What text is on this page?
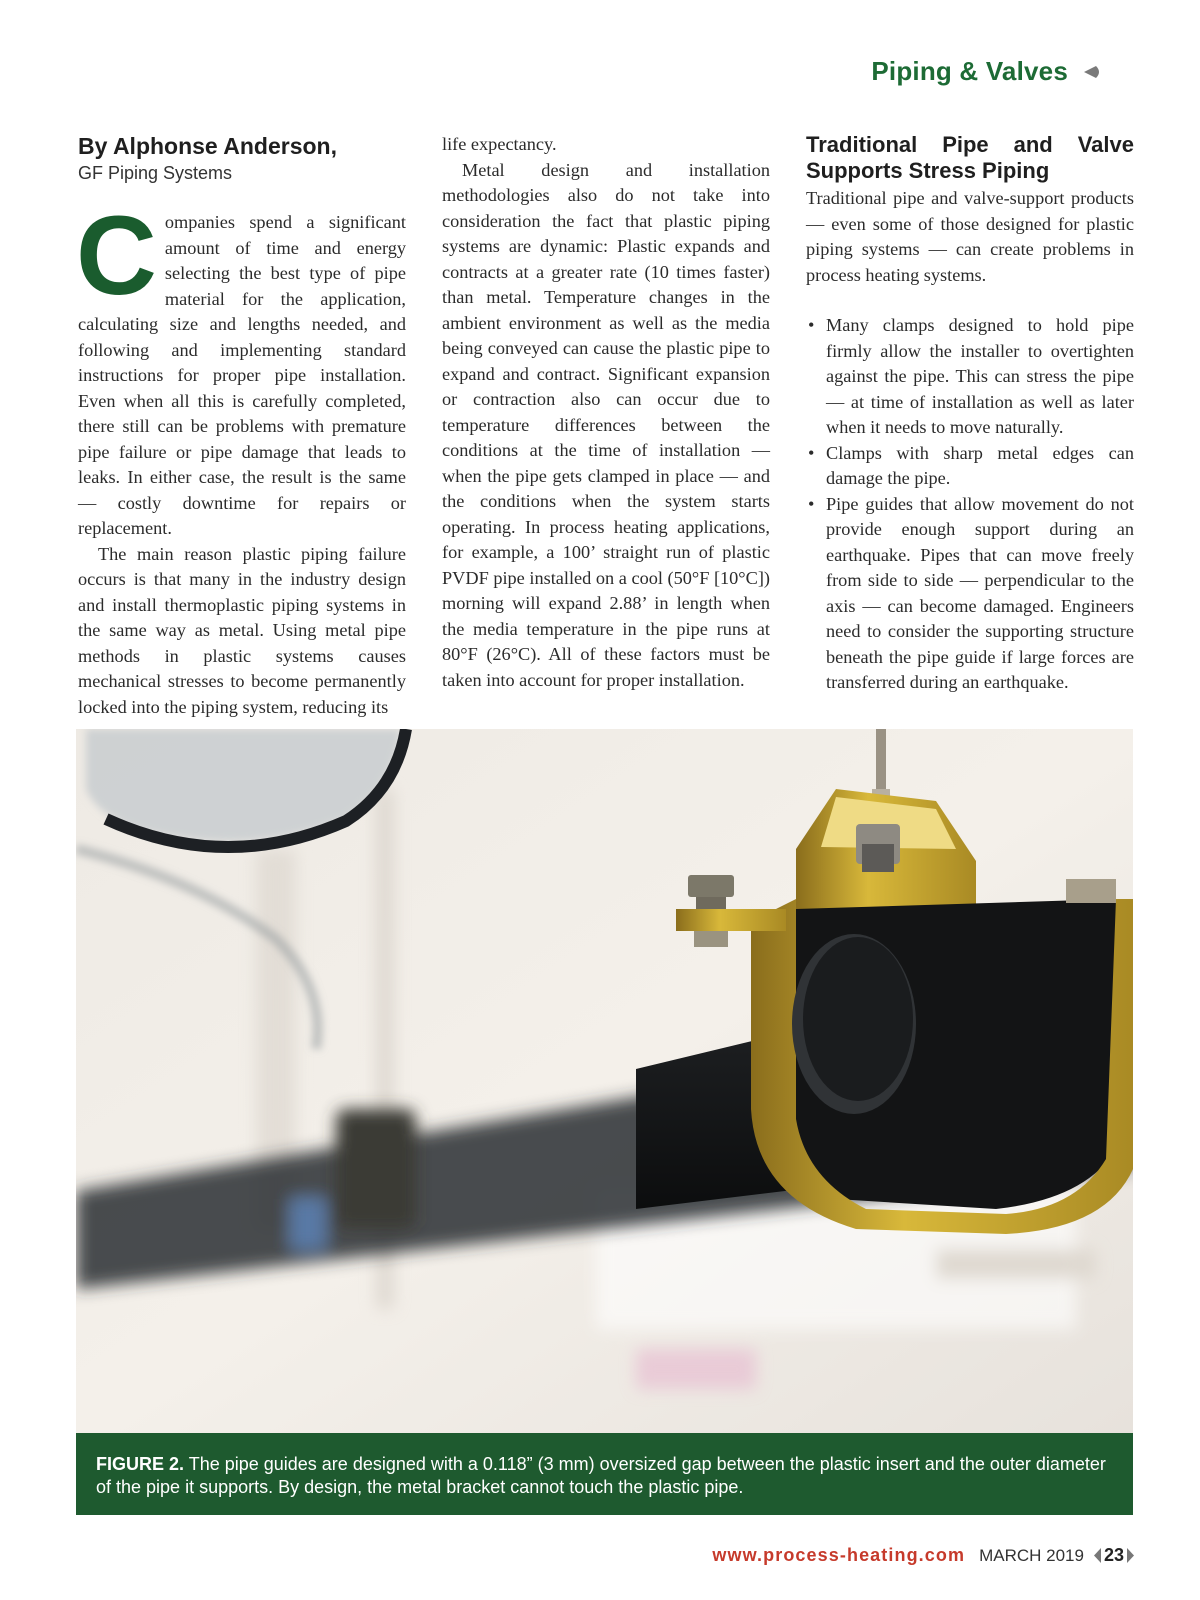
Piping & Valves
By Alphonse Anderson,
GF Piping Systems

Companies spend a significant amount of time and energy selecting the best type of pipe material for the application, calculating size and lengths needed, and following and implementing standard instructions for proper pipe installation. Even when all this is carefully completed, there still can be problems with premature pipe failure or pipe damage that leads to leaks. In either case, the result is the same — costly downtime for repairs or replacement.

The main reason plastic piping failure occurs is that many in the industry design and install thermoplastic piping systems in the same way as metal. Using metal pipe methods in plastic systems causes mechanical stresses to become permanently locked into the piping system, reducing its

life expectancy.

Metal design and installation methodologies also do not take into consideration the fact that plastic piping systems are dynamic: Plastic expands and contracts at a greater rate (10 times faster) than metal. Temperature changes in the ambient environment as well as the media being conveyed can cause the plastic pipe to expand and contract. Significant expansion or contraction also can occur due to temperature differences between the conditions at the time of installation — when the pipe gets clamped in place — and the conditions when the system starts operating. In process heating applications, for example, a 100’ straight run of plastic PVDF pipe installed on a cool (50°F [10°C]) morning will expand 2.88’ in length when the media temperature in the pipe runs at 80°F (26°C). All of these factors must be taken into account for proper installation.

Traditional Pipe and Valve Supports Stress Piping

Traditional pipe and valve-support products — even some of those designed for plastic piping systems — can create problems in process heating systems.

• Many clamps designed to hold pipe firmly allow the installer to overtighten against the pipe. This can stress the pipe — at time of installation as well as later when it needs to move naturally.
• Clamps with sharp metal edges can damage the pipe.
• Pipe guides that allow movement do not provide enough support during an earthquake. Pipes that can move freely from side to side — perpendicular to the axis — can become damaged. Engineers need to consider the supporting structure beneath the pipe guide if large forces are transferred during an earthquake.
FIGURE 2. The pipe guides are designed with a 0.118” (3 mm) oversized gap between the plastic insert and the outer diameter of the pipe it supports. By design, the metal bracket cannot touch the plastic pipe.
www.process-heating.com MARCH 2019 23
